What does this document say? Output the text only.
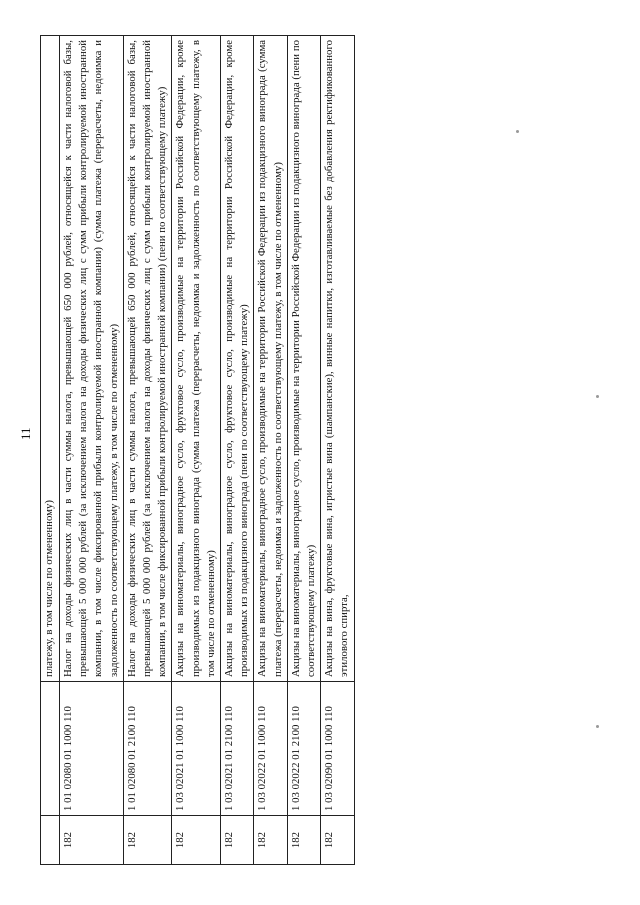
11
		платежу, в том числе по отмененному)
182	1 01 02080 01 1000 110	Налог на доходы физических лиц в части суммы налога, превышающей 650 000 рублей, относящейся к части налоговой базы, превышающей 5 000 000 рублей (за исключением налога на доходы физических лиц с сумм прибыли контролируемой иностранной компании, в том числе фиксированной прибыли контролируемой иностранной компании) (сумма платежа (перерасчеты, недоимка и задолженность по соответствующему платежу, в том числе по отмененному)
182	1 01 02080 01 2100 110	Налог на доходы физических лиц в части суммы налога, превышающей 650 000 рублей, относящейся к части налоговой базы, превышающей 5 000 000 рублей (за исключением налога на доходы физических лиц с сумм прибыли контролируемой иностранной компании, в том числе фиксированной прибыли контролируемой иностранной компании) (пени по соответствующему платежу)
182	1 03 02021 01 1000 110	Акцизы на виноматериалы, виноградное сусло, фруктовое сусло, производимые на территории Российской Федерации, кроме производимых из подакцизного винограда (сумма платежа (перерасчеты, недоимка и задолженность по соответствующему платежу, в том числе по отмененному)
182	1 03 02021 01 2100 110	Акцизы на виноматериалы, виноградное сусло, фруктовое сусло, производимые на территории Российской Федерации, кроме производимых из подакцизного винограда (пени по соответствующему платежу)
182	1 03 02022 01 1000 110	Акцизы на виноматериалы, виноградное сусло, производимые на территории Российской Федерации из подакцизного винограда (сумма платежа (перерасчеты, недоимка и задолженность по соответствующему платежу, в том числе по отмененному)
182	1 03 02022 01 2100 110	Акцизы на виноматериалы, виноградное сусло, производимые на территории Российской Федерации из подакцизного винограда (пени по соответствующему платежу)
182	1 03 02090 01 1000 110	Акцизы на вина, фруктовые вина, игристые вина (шампанские), винные напитки, изготавливаемые без добавления ректификованного этилового спирта,
